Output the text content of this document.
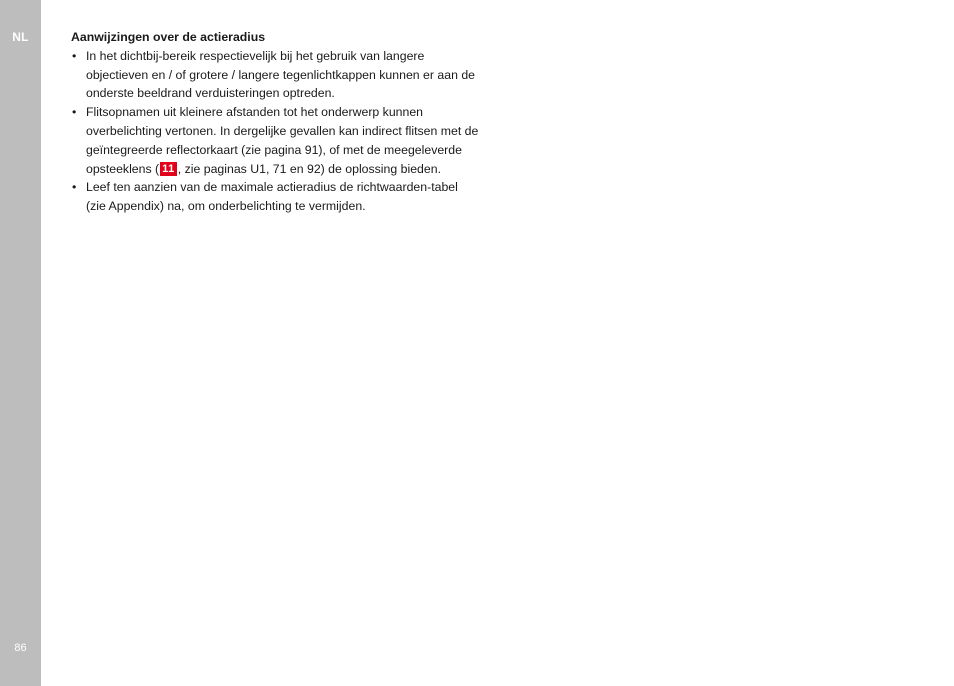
NL
86
Aanwijzingen over de actieradius
• In het dichtbij-bereik respectievelijk bij het gebruik van langere objectieven en / of grotere / langere tegenlichtkappen kunnen er aan de onderste beeldrand verduisteringen optreden.
• Flitsopnamen uit kleinere afstanden tot het onderwerp kunnen overbelichting vertonen. In dergelijke gevallen kan indirect flitsen met de geïntegreerde reflectorkaart (zie pagina 91), of met de meegeleverde opsteeklens ( 11 , zie paginas U1, 71 en 92) de oplossing bieden.
• Leef ten aanzien van de maximale actieradius de richtwaarden-tabel (zie Appendix) na, om onderbelichting te vermijden.
